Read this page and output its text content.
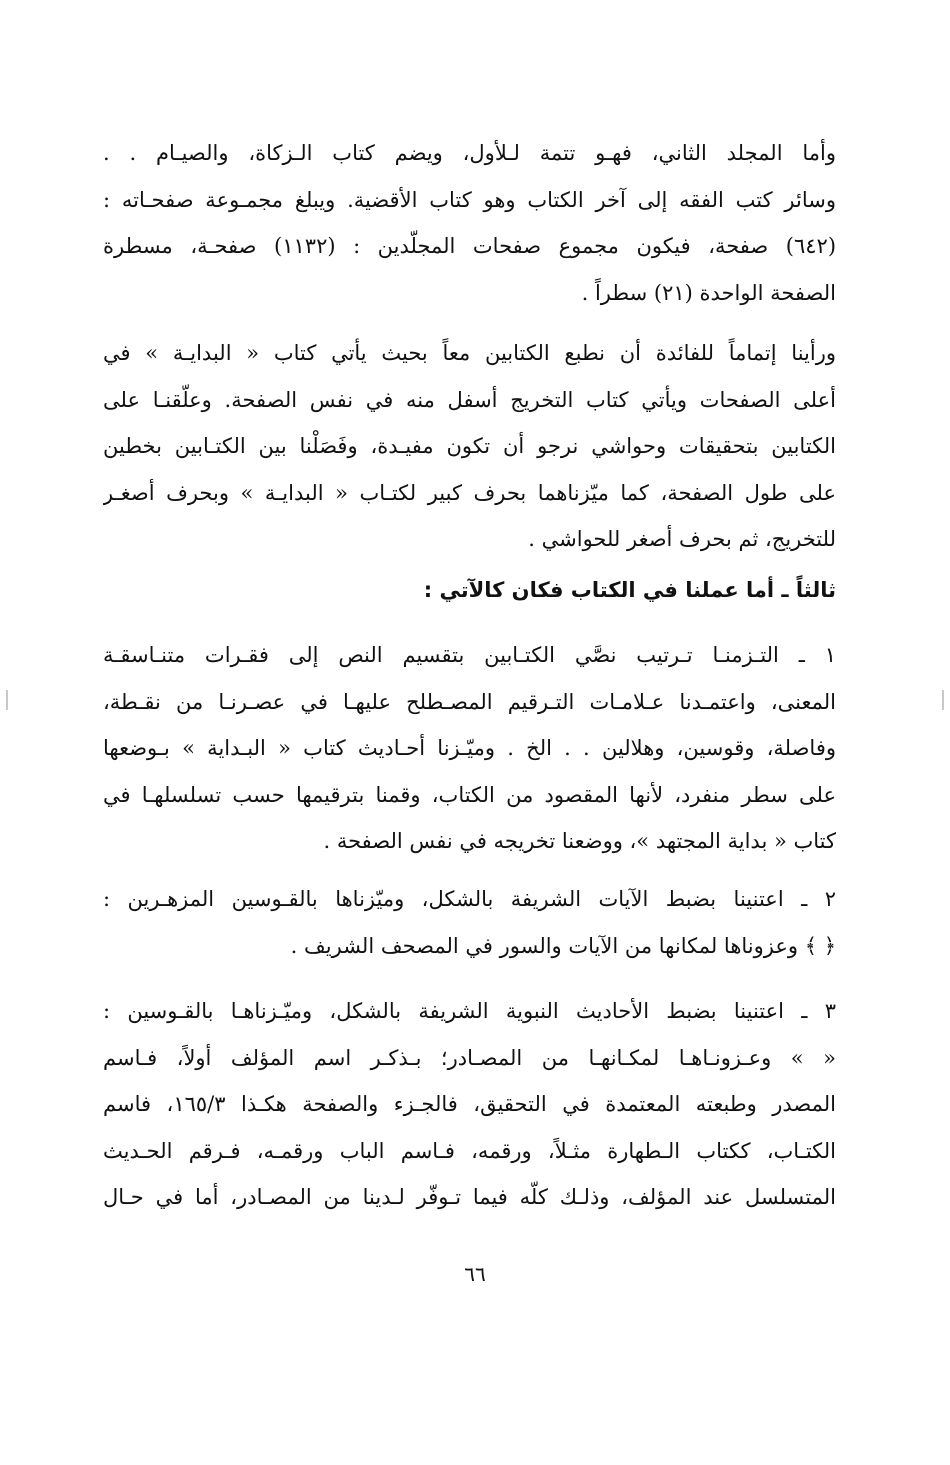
وأما المجلد الثاني، فهـو تتمة لـلأول، ويضم كتاب الـزكاة، والصيـام . .
وسائر كتب الفقه إلى آخر الكتاب وهو كتاب الأقضية. ويبلغ مجمـوعة صفحـاته :
(٦٤٢) صفحة، فيكون مجموع صفحات المجلّدين : (١١٣٢) صفحـة، مسطرة
الصفحة الواحدة (٢١) سطراً .
ورأينا إتماماً للفائدة أن نطبع الكتابين معاً بحيث يأتي كتاب « البدايـة » في
أعلى الصفحات ويأتي كتاب التخريج أسفل منه في نفس الصفحة. وعلّقنـا على
الكتابين بتحقيقات وحواشي نرجو أن تكون مفيـدة، وفَصَلْنا بين الكتـابين بخطين
على طول الصفحة، كما ميّزناهما بحرف كبير لكتـاب « البدايـة » وبحرف أصغـر
للتخريج، ثم بحرف أصغر للحواشي .
ثالثاً ـ أما عملنا في الكتاب فكان كالآتي :
١ ـ التـزمنـا تـرتيب نصَّي الكتـابين بتقسيم النص إلى فقـرات متنـاسقـة
المعنى، واعتمـدنا عـلامـات التـرقيم المصـطلح عليهـا في عصـرنـا من نقـطة،
وفاصلة، وقوسين، وهلالين . . الخ . وميّـزنا أحـاديث كتاب « البـداية » بـوضعها
على سطر منفرد، لأنها المقصود من الكتاب، وقمنا بترقيمها حسب تسلسلهـا في
كتاب « بداية المجتهد »، ووضعنا تخريجه في نفس الصفحة .
٢ ـ اعتنينا بضبط الآيات الشريفة بالشكل، وميّزناها بالقـوسين المزهـرين :
﴿ ﴾ وعزوناها لمكانها من الآيات والسور في المصحف الشريف .
٣ ـ اعتنينا بضبط الأحاديث النبوية الشريفة بالشكل، وميّـزناهـا بالقـوسين :
« » وعـزونـاهـا لمكـانهـا من المصـادر؛ بـذكـر اسم المؤلف أولاً، فـاسم
المصدر وطبعته المعتمدة في التحقيق، فالجـزء والصفحة هكـذا ١٦٥/٣، فاسم
الكتـاب، ككتاب الـطهارة مثـلاً، ورقمه، فـاسم الباب ورقمـه، فـرقم الحـديث
المتسلسل عند المؤلف، وذلـك كلّه فيما تـوفّر لـدينا من المصـادر، أما في حـال
٦٦
